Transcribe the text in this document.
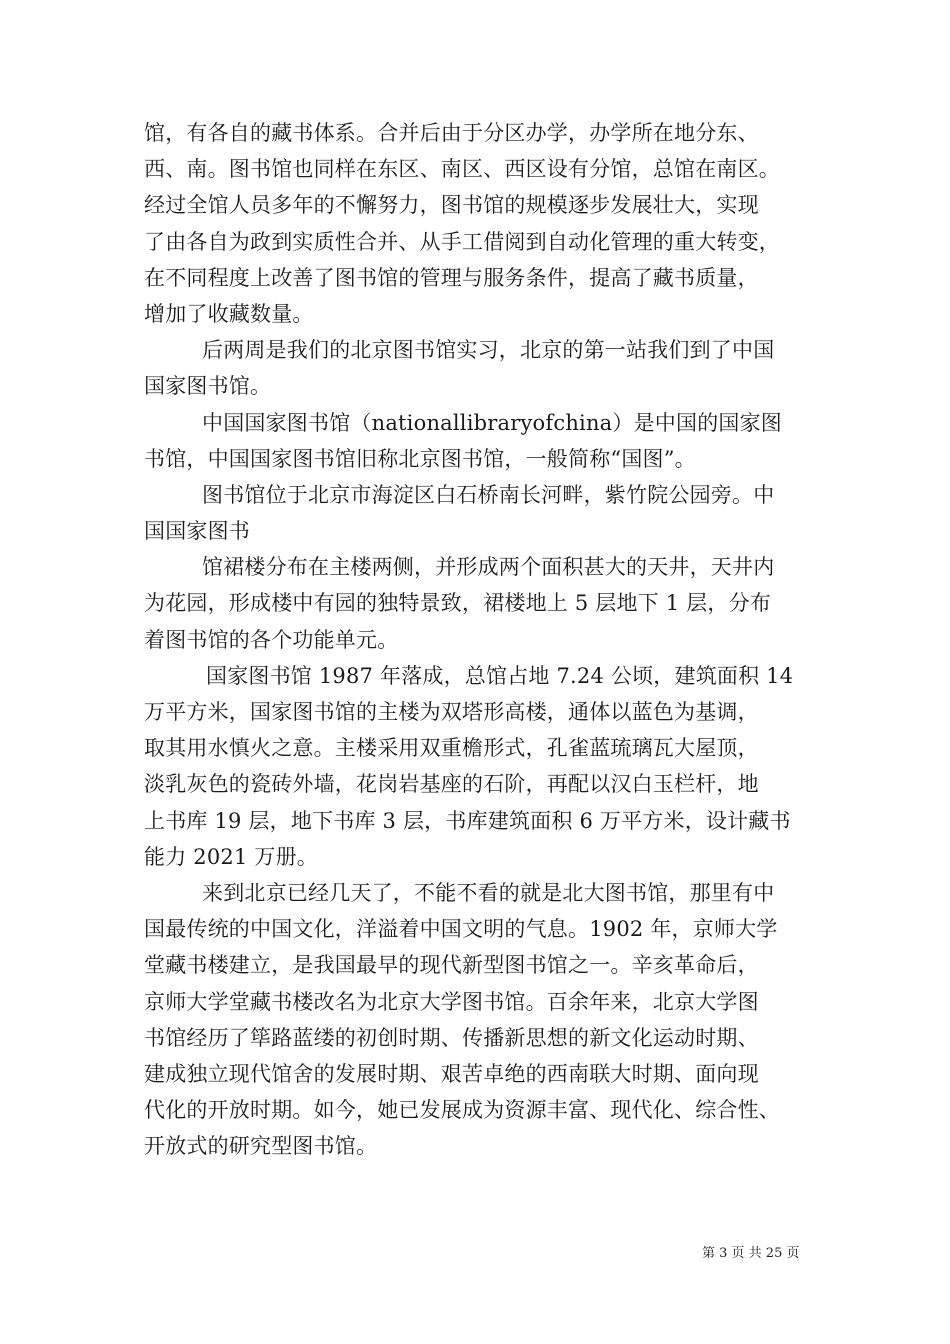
馆，有各自的藏书体系。合并后由于分区办学，办学所在地分东、
西、南。图书馆也同样在东区、南区、西区设有分馆，总馆在南区。
经过全馆人员多年的不懈努力，图书馆的规模逐步发展壮大，实现
了由各自为政到实质性合并、从手工借阅到自动化管理的重大转变，
在不同程度上改善了图书馆的管理与服务条件，提高了藏书质量，
增加了收藏数量。
后两周是我们的北京图书馆实习，北京的第一站我们到了中国
国家图书馆。
中国国家图书馆（nationallibraryofchina）是中国的国家图
书馆，中国国家图书馆旧称北京图书馆，一般简称“国图”。
图书馆位于北京市海淀区白石桥南长河畔，紫竹院公园旁。中
国国家图书
馆裙楼分布在主楼两侧，并形成两个面积甚大的天井，天井内
为花园，形成楼中有园的独特景致，裙楼地上 5 层地下 1 层，分布
着图书馆的各个功能单元。
国家图书馆 1987 年落成，总馆占地 7.24 公顷，建筑面积 14
万平方米，国家图书馆的主楼为双塔形高楼，通体以蓝色为基调，
取其用水慎火之意。主楼采用双重檐形式，孔雀蓝琉璃瓦大屋顶，
淡乳灰色的瓷砖外墙，花岗岩基座的石阶，再配以汉白玉栏杆，地
上书库 19 层，地下书库 3 层，书库建筑面积 6 万平方米，设计藏书
能力 2021 万册。
来到北京已经几天了，不能不看的就是北大图书馆，那里有中
国最传统的中国文化，洋溢着中国文明的气息。1902 年，京师大学
堂藏书楼建立，是我国最早的现代新型图书馆之一。辛亥革命后，
京师大学堂藏书楼改名为北京大学图书馆。百余年来，北京大学图
书馆经历了筚路蓝缕的初创时期、传播新思想的新文化运动时期、
建成独立现代馆舍的发展时期、艰苦卓绝的西南联大时期、面向现
代化的开放时期。如今，她已发展成为资源丰富、现代化、综合性、
开放式的研究型图书馆。
第 3 页 共 25 页
